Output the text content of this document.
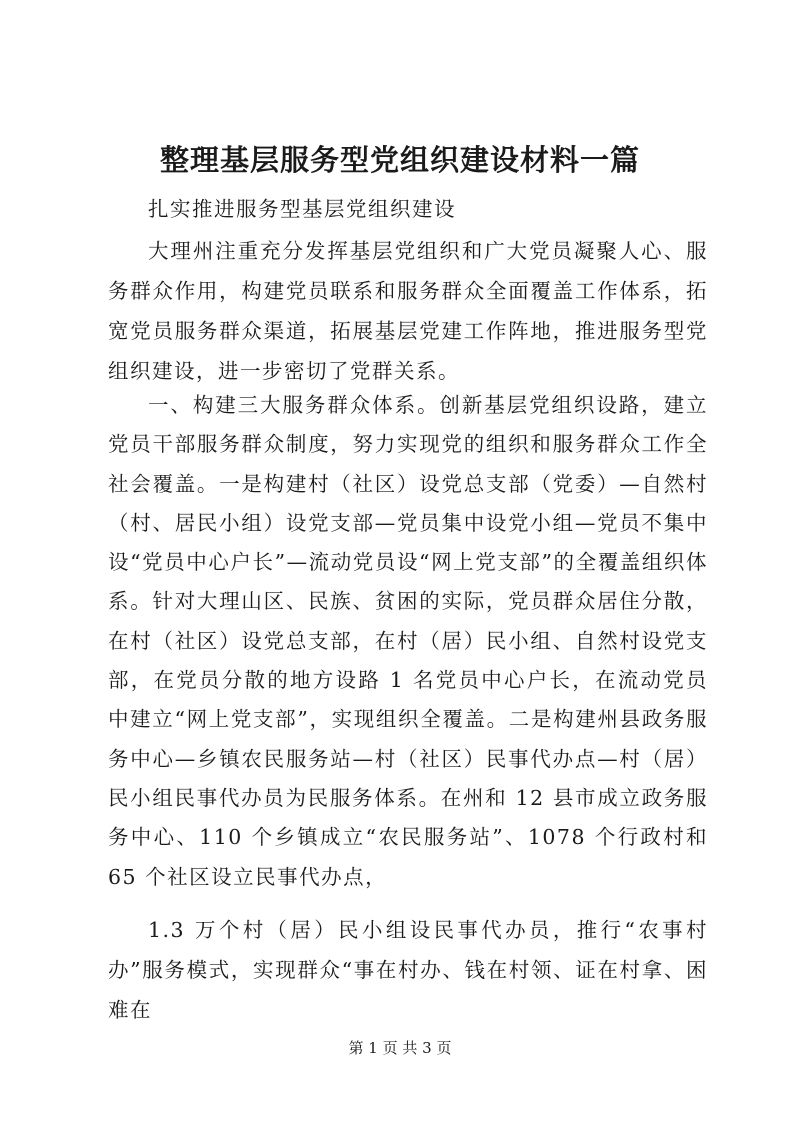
整理基层服务型党组织建设材料一篇

扎实推进服务型基层党组织建设

大理州注重充分发挥基层党组织和广大党员凝聚人心、服务群众作用，构建党员联系和服务群众全面覆盖工作体系，拓宽党员服务群众渠道，拓展基层党建工作阵地，推进服务型党组织建设，进一步密切了党群关系。

一、构建三大服务群众体系。创新基层党组织设路，建立党员干部服务群众制度，努力实现党的组织和服务群众工作全社会覆盖。一是构建村（社区）设党总支部（党委）—自然村（村、居民小组）设党支部—党员集中设党小组—党员不集中设“党员中心户长”—流动党员设“网上党支部”的全覆盖组织体系。针对大理山区、民族、贫困的实际，党员群众居住分散，在村（社区）设党总支部，在村（居）民小组、自然村设党支部，在党员分散的地方设路 1 名党员中心户长，在流动党员中建立“网上党支部”，实现组织全覆盖。二是构建州县政务服务中心—乡镇农民服务站—村（社区）民事代办点—村（居）民小组民事代办员为民服务体系。在州和 12 县市成立政务服务中心、110 个乡镇成立“农民服务站”、1078 个行政村和 65 个社区设立民事代办点，

1.3 万个村（居）民小组设民事代办员，推行“农事村办”服务模式，实现群众“事在村办、钱在村领、证在村拿、困难在

第 1 页 共 3 页
